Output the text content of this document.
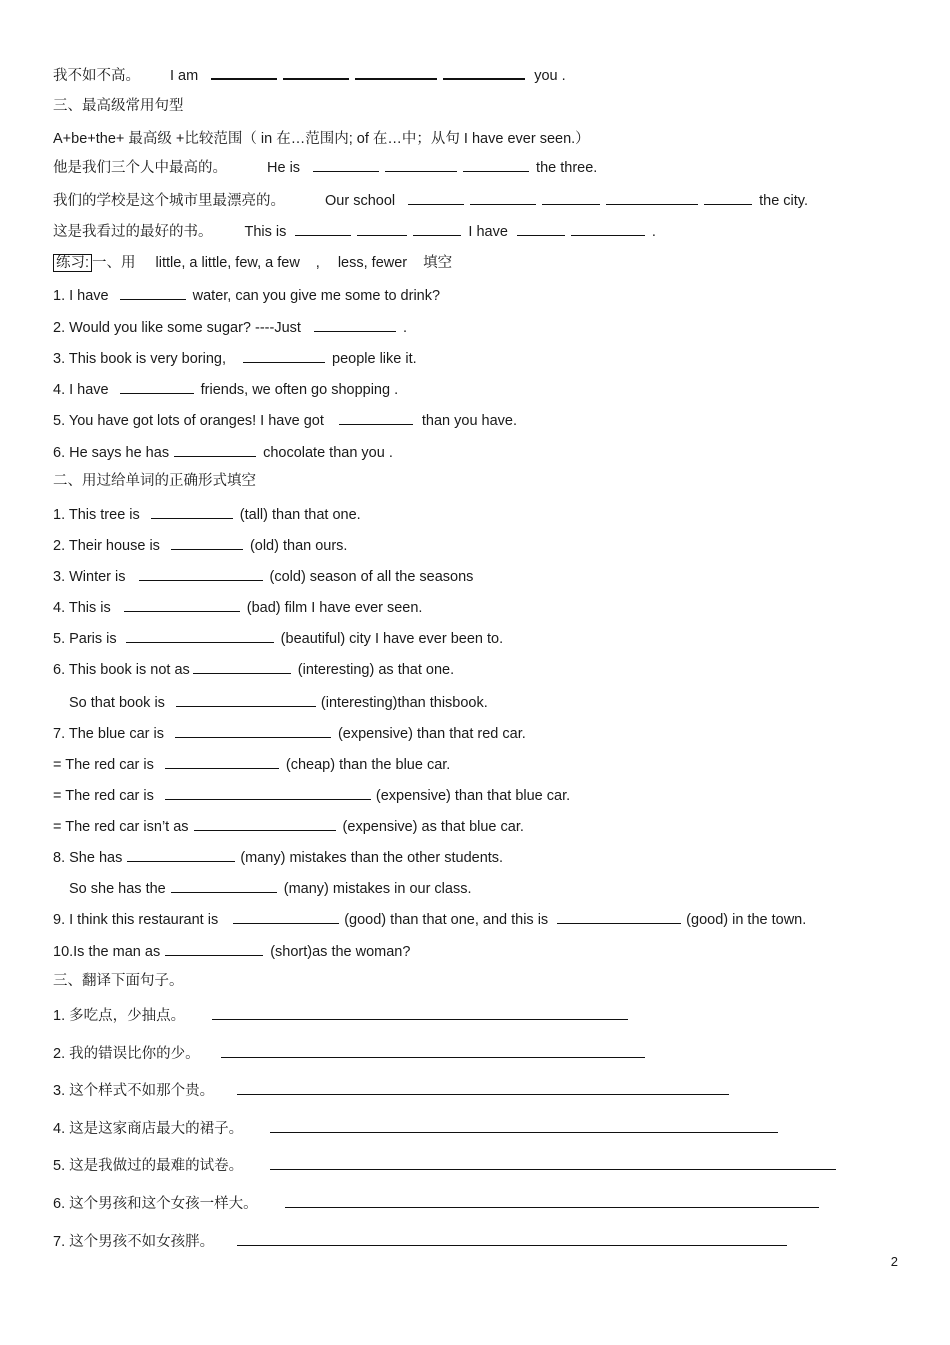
我不如不高。 I am	you .
三、最高级常用句型
A+be+the+ 最高级 +比较范围（ in 在…范围内; of 在…中；从句 I have ever seen.）
他是我们三个人中最高的。	He is	the three.
我们的学校是这个城市里最漂亮的。	Our school	the city.
这是我看过的最好的书。 This is	I have	.
练习: 一、用 little, a little, few, a few , less, fewer 填空
1. I have	water, can you give me some to drink?
2. Would you like some sugar? ----Just	.
3. This book is very boring,	people like it.
4. I have	friends, we often go shopping .
5. You have got lots of oranges! I have got	than you have.
6. He says he has	chocolate than you .
二、用过给单词的正确形式填空
1. This tree is	(tall) than that one.
2. Their house is	(old) than ours.
3. Winter is	(cold) season of all the seasons
4. This is	(bad) film I have ever seen.
5. Paris is	(beautiful) city I have ever been to.
6. This book is not as	(interesting) as that one.
So that book is	(interesting)than thisbook.
7. The blue car is	(expensive) than that red car.
= The red car is	(cheap) than the blue car.
= The red car is	(expensive) than that blue car.
= The red car isn’t as	(expensive) as that blue car.
8. She has	(many) mistakes than the other students.
So she has the	(many) mistakes in our class.
9. I think this restaurant is	(good) than that one, and this is	(good) in the town.
10.Is the man as	(short)as the woman?
三、翻译下面句子。
1. 多吃点，少抽点。
2. 我的错误比你的少。
3. 这个样式不如那个贵。
4. 这是这家商店最大的裙子。
5. 这是我做过的最难的试卷。
6. 这个男孩和这个女孩一样大。
7. 这个男孩不如女孩胖。
2
